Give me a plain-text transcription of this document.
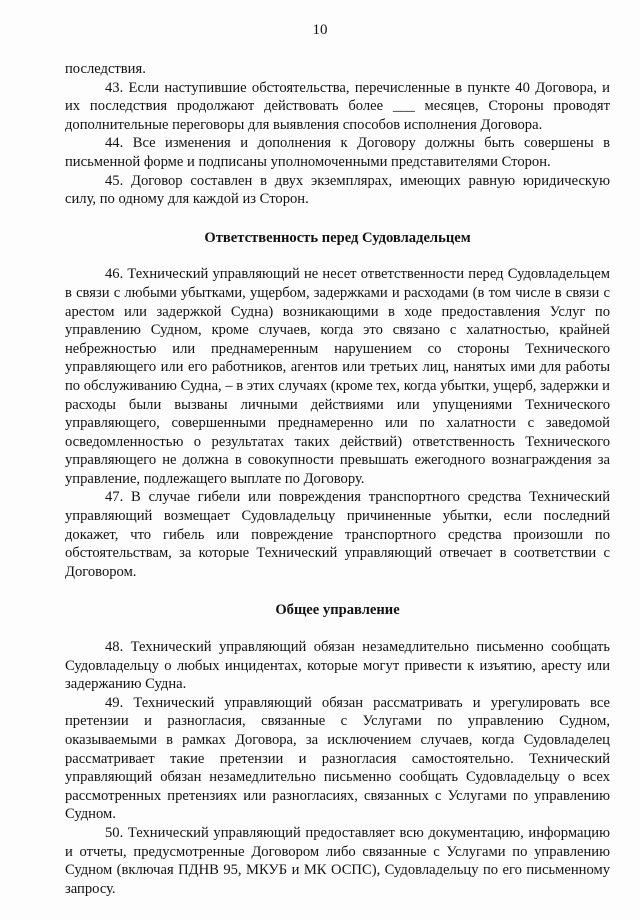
10

последствия.

43. Если наступившие обстоятельства, перечисленные в пункте 40 Договора, и их последствия продолжают действовать более ___ месяцев, Стороны проводят дополнительные переговоры для выявления способов исполнения Договора.

44. Все изменения и дополнения к Договору должны быть совершены в письменной форме и подписаны уполномоченными представителями Сторон.

45. Договор составлен в двух экземплярах, имеющих равную юридическую силу, по одному для каждой из Сторон.

Ответственность перед Судовладельцем

46. Технический управляющий не несет ответственности перед Судовладельцем в связи с любыми убытками, ущербом, задержками и расходами (в том числе в связи с арестом или задержкой Судна) возникающими в ходе предоставления Услуг по управлению Судном, кроме случаев, когда это связано с халатностью, крайней небрежностью или преднамеренным нарушением со стороны Технического управляющего или его работников, агентов или третьих лиц, нанятых ими для работы по обслуживанию Судна, – в этих случаях (кроме тех, когда убытки, ущерб, задержки и расходы были вызваны личными действиями или упущениями Технического управляющего, совершенными преднамеренно или по халатности с заведомой осведомленностью о результатах таких действий) ответственность Технического управляющего не должна в совокупности превышать ежегодного вознаграждения за управление, подлежащего выплате по Договору.

47. В случае гибели или повреждения транспортного средства Технический управляющий возмещает Судовладельцу причиненные убытки, если последний докажет, что гибель или повреждение транспортного средства произошли по обстоятельствам, за которые Технический управляющий отвечает в соответствии с Договором.

Общее управление

48. Технический управляющий обязан незамедлительно письменно сообщать Судовладельцу о любых инцидентах, которые могут привести к изъятию, аресту или задержанию Судна.

49. Технический управляющий обязан рассматривать и урегулировать все претензии и разногласия, связанные с Услугами по управлению Судном, оказываемыми в рамках Договора, за исключением случаев, когда Судовладелец рассматривает такие претензии и разногласия самостоятельно. Технический управляющий обязан незамедлительно письменно сообщать Судовладельцу о всех рассмотренных претензиях или разногласиях, связанных с Услугами по управлению Судном.

50. Технический управляющий предоставляет всю документацию, информацию и отчеты, предусмотренные Договором либо связанные с Услугами по управлению Судном (включая ПДНВ 95, МКУБ и МК ОСПС), Судовладельцу по его письменному запросу.
